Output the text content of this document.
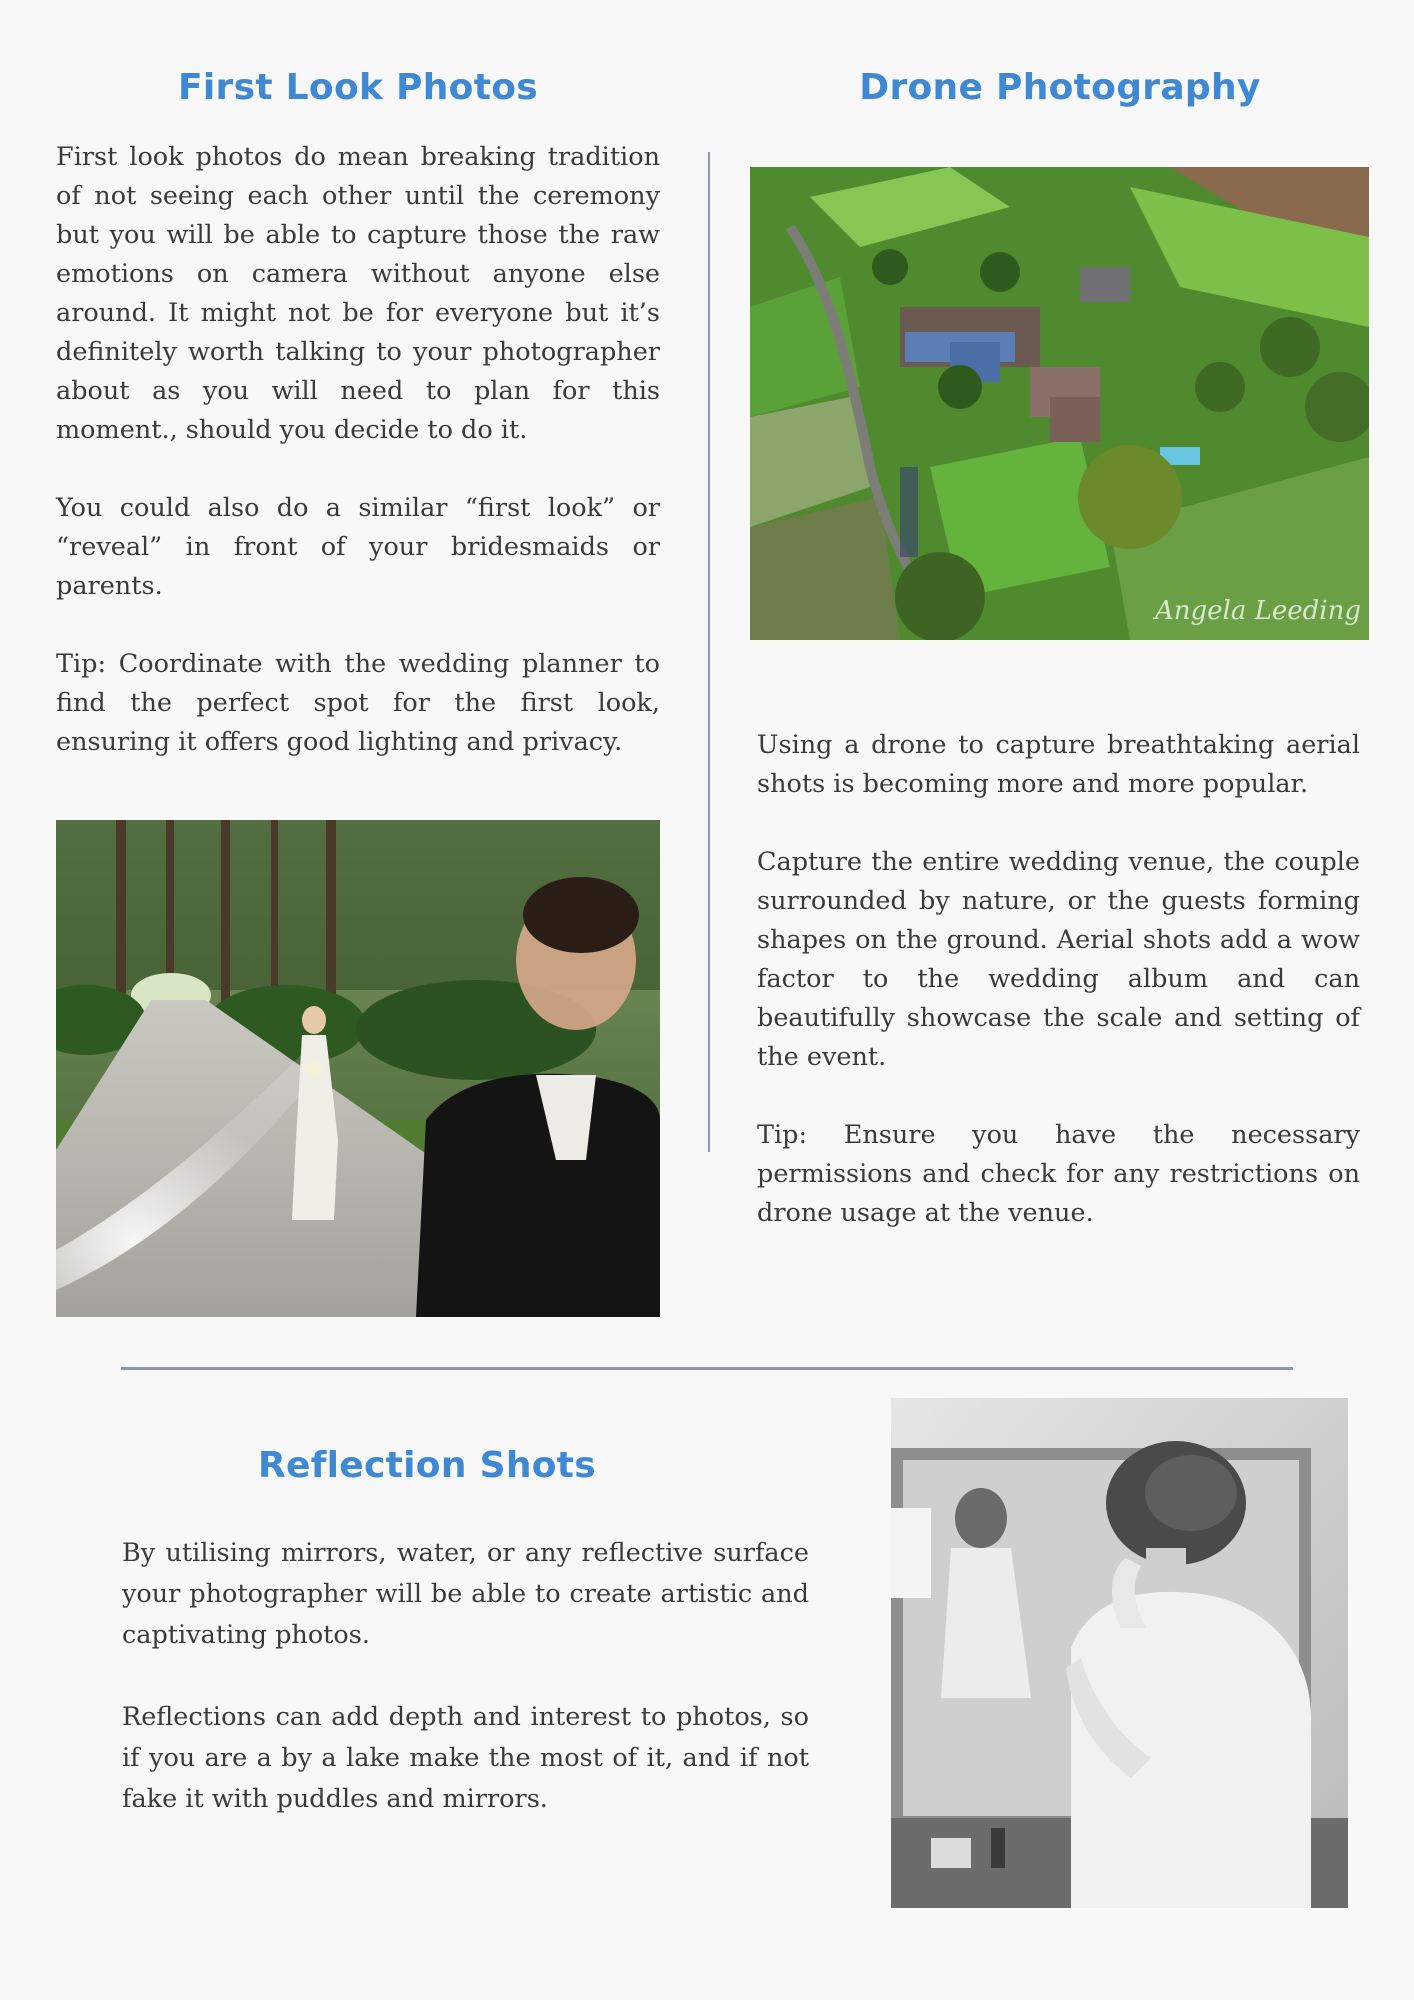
First Look Photos

First look photos do mean breaking tradition of not seeing each other until the ceremony but you will be able to capture those the raw emotions on camera without anyone else around. It might not be for everyone but it’s definitely worth talking to your photographer about as you will need to plan for this moment., should you decide to do it.

You could also do a similar “first look” or “reveal” in front of your bridesmaids or parents.

Tip: Coordinate with the wedding planner to find the perfect spot for the first look, ensuring it offers good lighting and privacy.

Drone Photography
Angela Leeding

Using a drone to capture breathtaking aerial shots is becoming more and more popular.

Capture the entire wedding venue, the couple surrounded by nature, or the guests forming shapes on the ground. Aerial shots add a wow factor to the wedding album and can beautifully showcase the scale and setting of the event.

Tip: Ensure you have the necessary permissions and check for any restrictions on drone usage at the venue.

Reflection Shots

By utilising mirrors, water, or any reflective surface your photographer will be able to create artistic and captivating photos.

Reflections can add depth and interest to photos, so if you are a by a lake make the most of it, and if not fake it with puddles and mirrors.
